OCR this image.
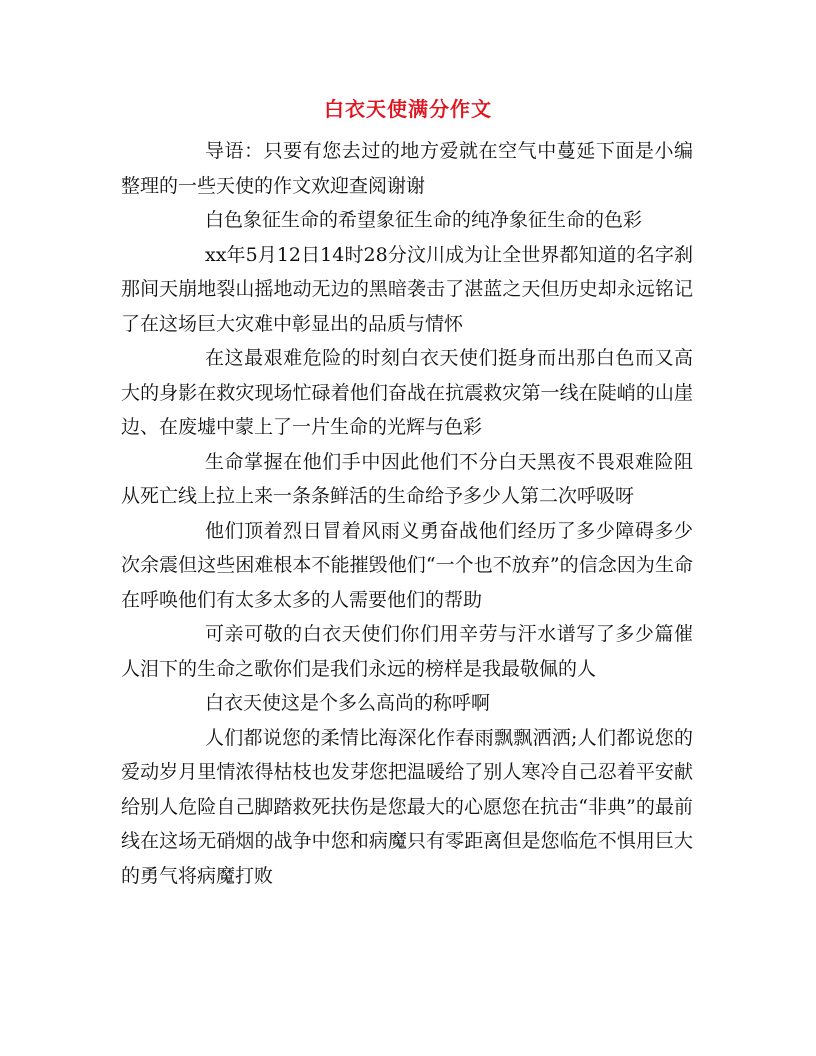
白衣天使满分作文

导语：只要有您去过的地方爱就在空气中蔓延下面是小编整理的一些天使的作文欢迎查阅谢谢

白色象征生命的希望象征生命的纯净象征生命的色彩

xx年5月12日14时28分汶川成为让全世界都知道的名字刹那间天崩地裂山摇地动无边的黑暗袭击了湛蓝之天但历史却永远铭记了在这场巨大灾难中彰显出的品质与情怀

在这最艰难危险的时刻白衣天使们挺身而出那白色而又高大的身影在救灾现场忙碌着他们奋战在抗震救灾第一线在陡峭的山崖边、在废墟中蒙上了一片生命的光辉与色彩

生命掌握在他们手中因此他们不分白天黑夜不畏艰难险阻从死亡线上拉上来一条条鲜活的生命给予多少人第二次呼吸呀

他们顶着烈日冒着风雨义勇奋战他们经历了多少障碍多少次余震但这些困难根本不能摧毁他们“一个也不放弃”的信念因为生命在呼唤他们有太多太多的人需要他们的帮助

可亲可敬的白衣天使们你们用辛劳与汗水谱写了多少篇催人泪下的生命之歌你们是我们永远的榜样是我最敬佩的人

白衣天使这是个多么高尚的称呼啊

人们都说您的柔情比海深化作春雨飘飘洒洒;人们都说您的爱动岁月里情浓得枯枝也发芽您把温暖给了别人寒冷自己忍着平安献给别人危险自己脚踏救死扶伤是您最大的心愿您在抗击“非典”的最前线在这场无硝烟的战争中您和病魔只有零距离但是您临危不惧用巨大的勇气将病魔打败
